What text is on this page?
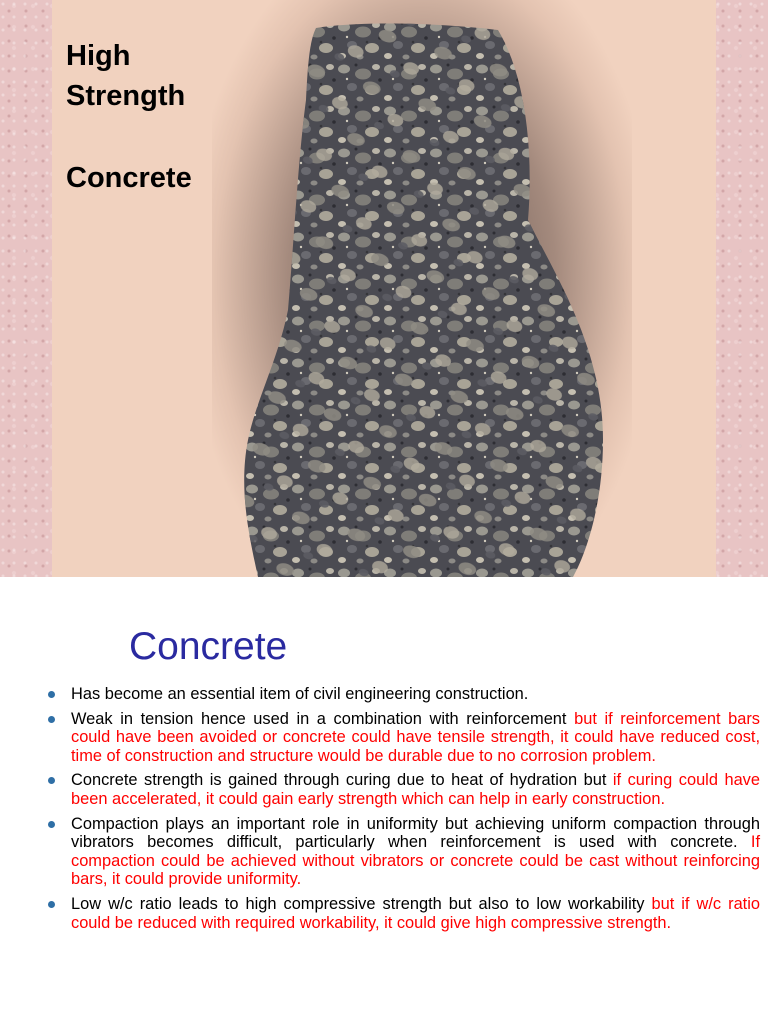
High
Strength
Concrete
Concrete
Has become an essential item of civil engineering construction.
Weak in tension hence used in a combination with reinforcement but if reinforcement bars could have been avoided or concrete could have tensile strength, it could have reduced cost, time of construction and structure would be durable due to no corrosion problem.
Concrete strength is gained through curing due to heat of hydration but if curing could have been accelerated, it could gain early strength which can help in early construction.
Compaction plays an important role in uniformity but achieving uniform compaction through vibrators becomes difficult, particularly when reinforcement is used with concrete. If compaction could be achieved without vibrators or concrete could be cast without reinforcing bars, it could provide uniformity.
Low w/c ratio leads to high compressive strength but also to low workability but if w/c ratio could be reduced with required workability, it could give high compressive strength.
